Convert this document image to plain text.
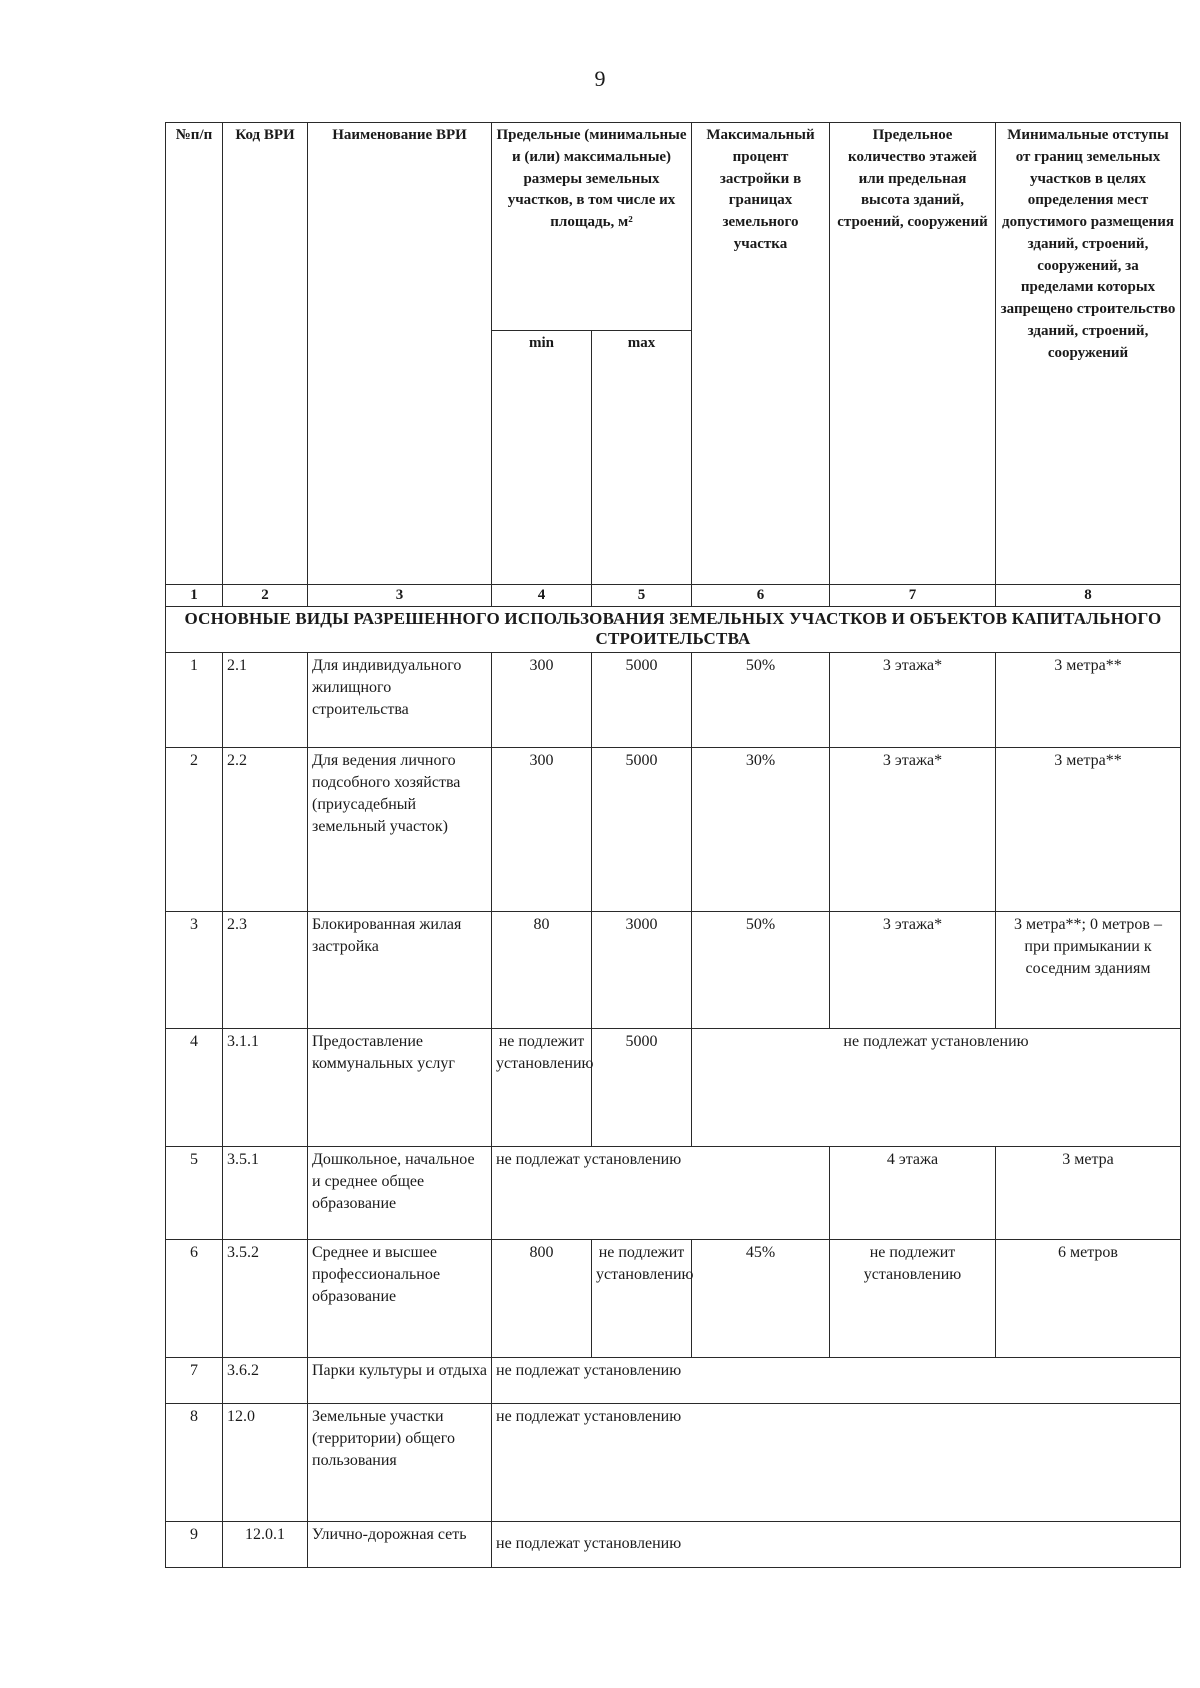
9
№п/п	Код ВРИ	Наименование ВРИ	Предельные (минимальные и (или) максимальные) размеры земельных участков, в том числе их площадь, м²		Максимальный процент застройки в границах земельного участка	Предельное количество этажей или предельная высота зданий, строений, сооружений	Минимальные отступы от границ земельных участков в целях определения мест допустимого размещения зданий, строений, сооружений, за пределами которых запрещено строительство зданий, строений, сооружений
			min	max			
1	2	3	4	5	6	7	8
ОСНОВНЫЕ ВИДЫ РАЗРЕШЕННОГО ИСПОЛЬЗОВАНИЯ ЗЕМЕЛЬНЫХ УЧАСТКОВ И ОБЪЕКТОВ КАПИТАЛЬНОГО СТРОИТЕЛЬСТВА							
1	2.1	Для индивидуального жилищного строительства	300	5000	50%	3 этажа*	3 метра**
2	2.2	Для ведения личного подсобного хозяйства (приусадебный земельный участок)	300	5000	30%	3 этажа*	3 метра**
3	2.3	Блокированная жилая застройка	80	3000	50%	3 этажа*	3 метра**; 0 метров – при примыкании к соседним зданиям
4	3.1.1	Предоставление коммунальных услуг	не подлежит установлению	5000	не подлежат установлению		
5	3.5.1	Дошкольное, начальное и среднее общее образование	не подлежат установлению			4 этажа	3 метра
6	3.5.2	Среднее и высшее профессиональное образование	800	не подлежит установлению	45%	не подлежит установлению	6 метров
7	3.6.2	Парки культуры и отдыха	не подлежат установлению				
8	12.0	Земельные участки (территории) общего пользования	не подлежат установлению				
9	12.0.1	Улично-дорожная сеть	не подлежат установлению				
